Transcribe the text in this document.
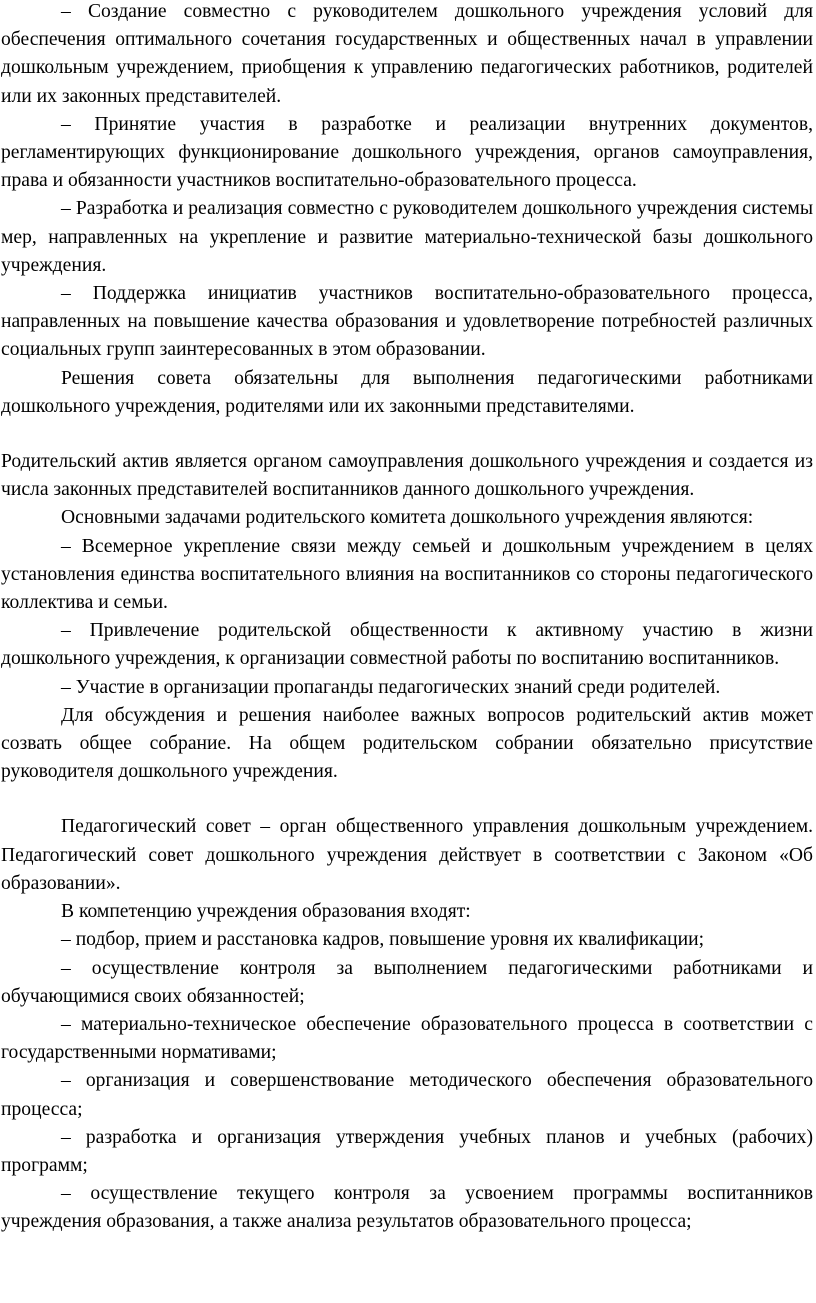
– Создание совместно с руководителем дошкольного учреждения условий для обеспечения оптимального сочетания государственных и общественных начал в управлении дошкольным учреждением, приобщения к управлению педагогических работников, родителей или их законных представителей.

– Принятие участия в разработке и реализации внутренних документов, регламентирующих функционирование дошкольного учреждения, органов самоуправления, права и обязанности участников воспитательно-образовательного процесса.

– Разработка и реализация совместно с руководителем дошкольного учреждения системы мер, направленных на укрепление и развитие материально-технической базы дошкольного учреждения.

– Поддержка инициатив участников воспитательно-образовательного процесса, направленных на повышение качества образования и удовлетворение потребностей различных социальных групп заинтересованных в этом образовании.

Решения совета обязательны для выполнения педагогическими работниками дошкольного учреждения, родителями или их законными представителями.

Родительский актив является органом самоуправления дошкольного учреждения и создается из числа законных представителей воспитанников данного дошкольного учреждения.

Основными задачами родительского комитета дошкольного учреждения являются:

– Всемерное укрепление связи между семьей и дошкольным учреждением в целях установления единства воспитательного влияния на воспитанников со стороны педагогического коллектива и семьи.

– Привлечение родительской общественности к активному участию в жизни дошкольного учреждения, к организации совместной работы по воспитанию воспитанников.

– Участие в организации пропаганды педагогических знаний среди родителей.

Для обсуждения и решения наиболее важных вопросов родительский актив может созвать общее собрание. На общем родительском собрании обязательно присутствие руководителя дошкольного учреждения.

Педагогический совет – орган общественного управления дошкольным учреждением. Педагогический совет дошкольного учреждения действует в соответствии с Законом «Об образовании».

В компетенцию учреждения образования входят:

– подбор, прием и расстановка кадров, повышение уровня их квалификации;

– осуществление контроля за выполнением педагогическими работниками и обучающимися своих обязанностей;

– материально-техническое обеспечение образовательного процесса в соответствии с государственными нормативами;

– организация и совершенствование методического обеспечения образовательного процесса;

– разработка и организация утверждения учебных планов и учебных (рабочих) программ;

– осуществление текущего контроля за усвоением программы воспитанников учреждения образования, а также анализа результатов образовательного процесса;
